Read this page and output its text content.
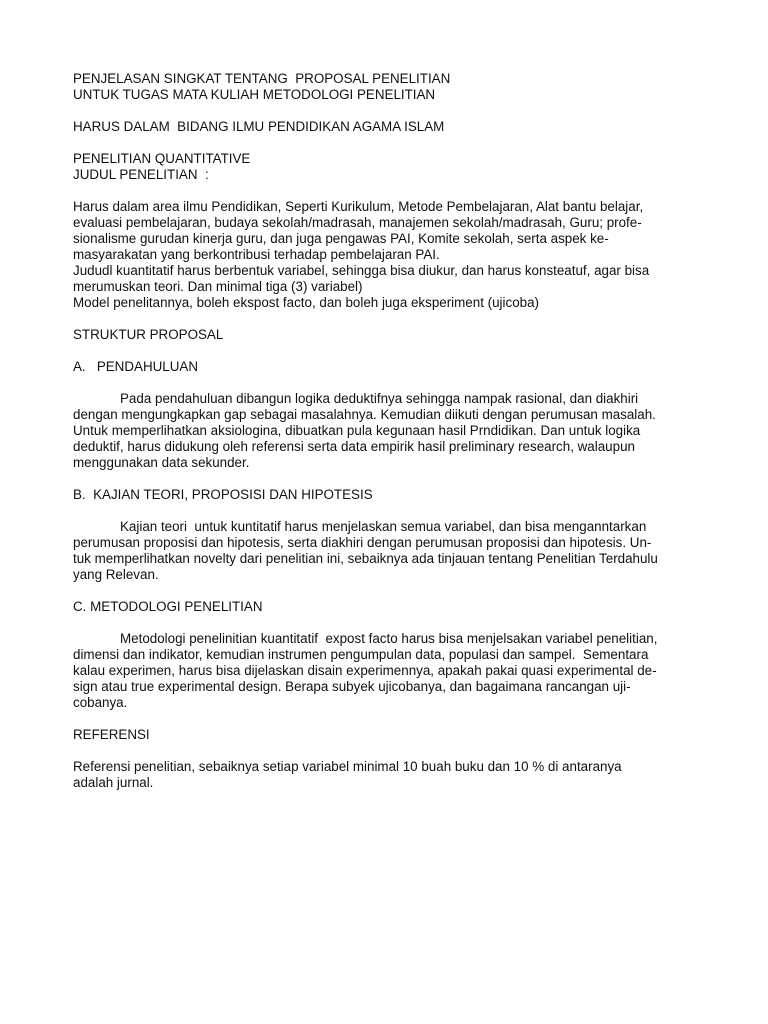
PENJELASAN SINGKAT TENTANG  PROPOSAL PENELITIAN
UNTUK TUGAS MATA KULIAH METODOLOGI PENELITIAN
HARUS DALAM  BIDANG ILMU PENDIDIKAN AGAMA ISLAM
PENELITIAN QUANTITATIVE
JUDUL PENELITIAN  :
Harus dalam area ilmu Pendidikan, Seperti Kurikulum, Metode Pembelajaran, Alat bantu belajar,
evaluasi pembelajaran, budaya sekolah/madrasah, manajemen sekolah/madrasah, Guru; profe-
sionalisme gurudan kinerja guru, dan juga pengawas PAI, Komite sekolah, serta aspek ke-
masyarakatan yang berkontribusi terhadap pembelajaran PAI.
Jududl kuantitatif harus berbentuk variabel, sehingga bisa diukur, dan harus konsteatuf, agar bisa
merumuskan teori. Dan minimal tiga (3) variabel)
Model penelitannya, boleh ekspost facto, dan boleh juga eksperiment (ujicoba)
STRUKTUR PROPOSAL
A.   PENDAHULUAN
Pada pendahuluan dibangun logika deduktifnya sehingga nampak rasional, dan diakhiri
dengan mengungkapkan gap sebagai masalahnya. Kemudian diikuti dengan perumusan masalah.
Untuk memperlihatkan aksiologina, dibuatkan pula kegunaan hasil Prndidikan. Dan untuk logika
deduktif, harus didukung oleh referensi serta data empirik hasil preliminary research, walaupun
menggunakan data sekunder.
B.  KAJIAN TEORI, PROPOSISI DAN HIPOTESIS
Kajian teori  untuk kuntitatif harus menjelaskan semua variabel, dan bisa menganntarkan
perumusan proposisi dan hipotesis, serta diakhiri dengan perumusan proposisi dan hipotesis. Un-
tuk memperlihatkan novelty dari penelitian ini, sebaiknya ada tinjauan tentang Penelitian Terdahulu
yang Relevan.
C. METODOLOGI PENELITIAN
Metodologi penelinitian kuantitatif  expost facto harus bisa menjelsakan variabel penelitian,
dimensi dan indikator, kemudian instrumen pengumpulan data, populasi dan sampel.  Sementara
kalau experimen, harus bisa dijelaskan disain experimennya, apakah pakai quasi experimental de-
sign atau true experimental design. Berapa subyek ujicobanya, dan bagaimana rancangan uji-
cobanya.
REFERENSI
Referensi penelitian, sebaiknya setiap variabel minimal 10 buah buku dan 10 % di antaranya
adalah jurnal.
